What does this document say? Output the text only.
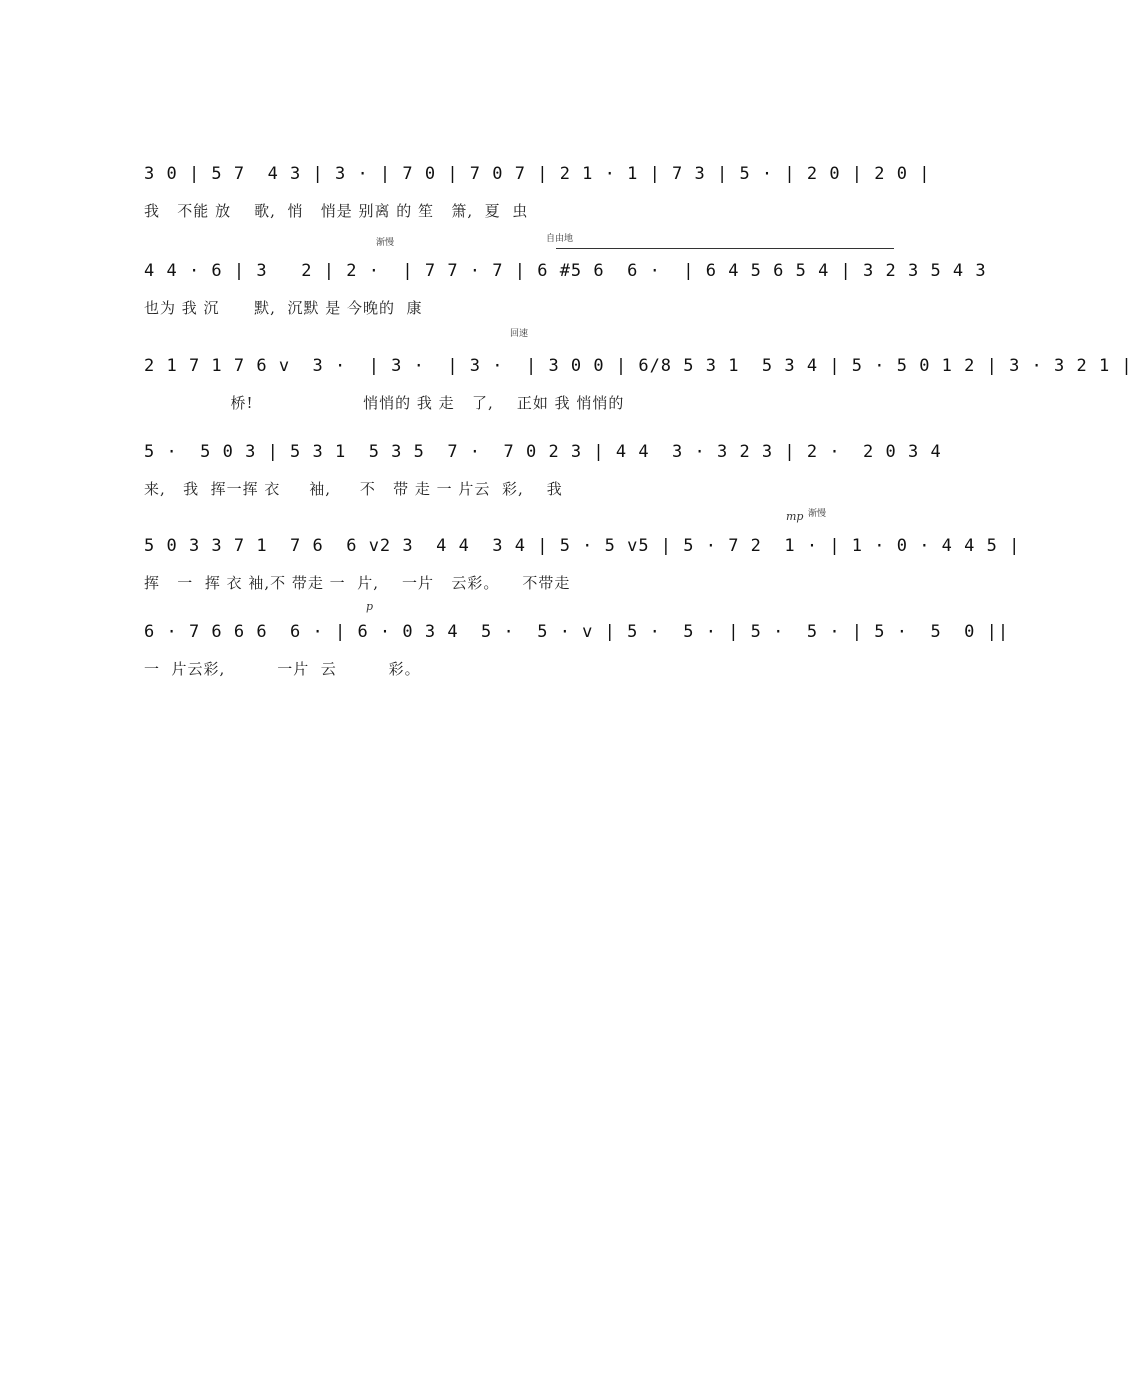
3 0 | 5 7  4 3 | 3 · | 7 0 | 7 0 7 | 2 1 · 1 | 7 3 | 5 · | 2 0 | 2 0 |
我   不能 放    歌,  悄   悄是 别离 的 笙   箫,  夏  虫
渐慢	自由地
4 4 · 6 | 3   2 | 2 ·  | 7 7 · 7 | 6 #5 6  6 ·  | 6 4 5 6 5 4 | 3 2 3 5 4 3
也为 我 沉      默,  沉默 是 今晚的  康
回速
2 1 7 1 7 6 v  3 ·  | 3 ·  | 3 ·  | 3 0 0 | 6/8 5 3 1  5 3 4 | 5 · 5 0 1 2 | 3 · 3 2 1 |
桥!                   悄悄的 我 走   了,    正如 我 悄悄的
5 ·  5 0 3 | 5 3 1  5 3 5  7 ·  7 0 2 3 | 4 4  3 · 3 2 3 | 2 ·  2 0 3 4
来,   我  挥一挥 衣     袖,     不   带 走 一 片云  彩,    我
mp 渐慢
5 0 3 3 7 1  7 6  6 v2 3  4 4  3 4 | 5 · 5 v5 | 5 · 7 2  1 · | 1 · 0 · 4 4 5 |
挥   一  挥 衣 袖,不 带走 一  片,    一片   云彩。    不带走
p
6 · 7 6 6 6  6 · | 6 · 0 3 4  5 ·  5 · v | 5 ·  5 · | 5 ·  5 · | 5 ·  5  0 ||
一  片云彩,         一片  云         彩。
